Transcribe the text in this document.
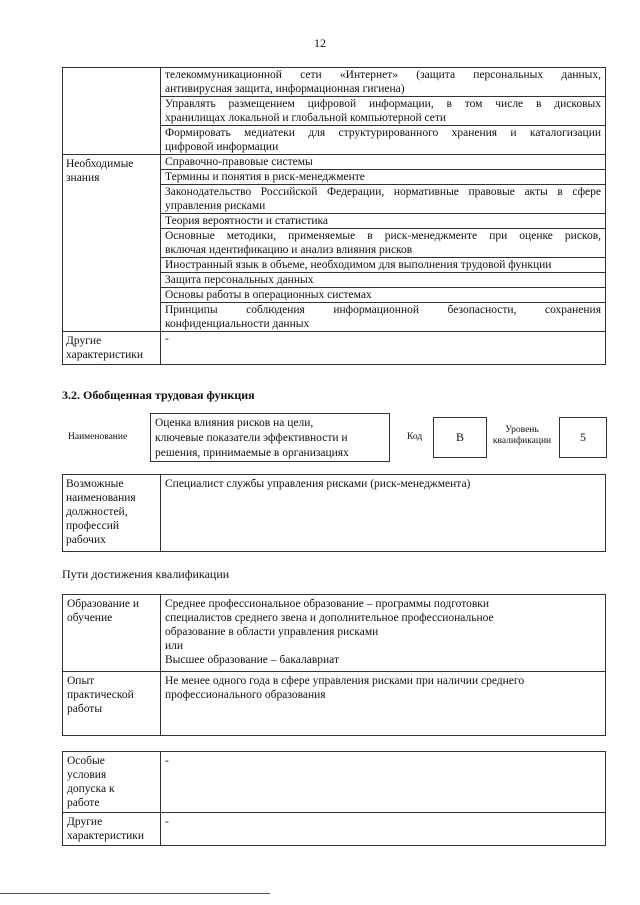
12

	телекоммуникационной сети «Интернет» (защита персональных данных,
антивирусная защита, информационная гигиена)

	Управлять размещением цифровой информации, в том числе в дисковых
хранилищах локальной и глобальной компьютерной сети

	Формировать медиатеки для структурированного хранения и каталогизации
цифровой информации

Необходимые
знания	Справочно-правовые системы

	Термины и понятия в риск-менеджменте

	Законодательство Российской Федерации, нормативные правовые акты в сфере
управления рисками

	Теория вероятности и статистика

	Основные методики, применяемые в риск-менеджменте при оценке рисков,
включая идентификацию и анализ влияния рисков

	Иностранный язык в объеме, необходимом для выполнения трудовой функции

	Защита персональных данных

	Основы работы в операционных системах

	Принципы соблюдения информационной безопасности, сохранения
конфиденциальности данных

Другие
характеристики	-
3.2. Обобщенная трудовая функция
Наименование
Оценка влияния рисков на цели,
ключевые показатели эффективности и
решения, принимаемые в организациях
Код	B	Уровень
квалификации	5
Возможные
наименования
должностей,
профессий
рабочих
	Специалист службы управления рисками (риск-менеджмента)
Пути достижения квалификации
Образование и
обучение	Среднее профессиональное образование – программы подготовки
специалистов среднего звена и дополнительное профессиональное
образование в области управления рисками
или
Высшее образование – бакалавриат

Опыт
практической
работы	Не менее одного года в сфере управления рисками при наличии среднего
профессионального образования
Особые
условия
допуска к
работе	-

Другие
характеристики	-
